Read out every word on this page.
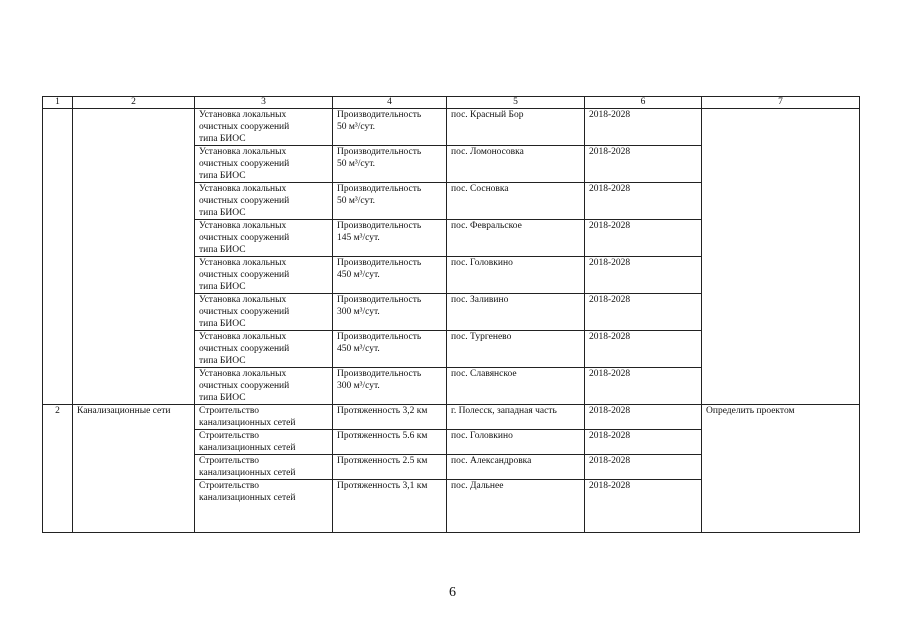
1	2	3	4	5	6	7
		Установка локальных
очистных сооружений
типа БИОС	Производительность
50 м³/сут.	пос. Красный Бор	2018-2028	
		Установка локальных
очистных сооружений
типа БИОС	Производительность
50 м³/сут.	пос. Ломоносовка	2018-2028	
		Установка локальных
очистных сооружений
типа БИОС	Производительность
50 м³/сут.	пос. Сосновка	2018-2028	
		Установка локальных
очистных сооружений
типа БИОС	Производительность
145 м³/сут.	пос. Февральское	2018-2028	
		Установка локальных
очистных сооружений
типа БИОС	Производительность
450 м³/сут.	пос. Головкино	2018-2028	
		Установка локальных
очистных сооружений
типа БИОС	Производительность
300 м³/сут.	пос. Заливино	2018-2028	
		Установка локальных
очистных сооружений
типа БИОС	Производительность
450 м³/сут.	пос. Тургенево	2018-2028	
		Установка локальных
очистных сооружений
типа БИОС	Производительность
300 м³/сут.	пос. Славянское	2018-2028	
2	Канализационные сети	Строительство
канализационных сетей	Протяженность 3,2 км	г. Полесск, западная часть	2018-2028	Определить проектом
		Строительство
канализационных сетей	Протяженность 5.6 км	пос. Головкино	2018-2028	
		Строительство
канализационных сетей	Протяженность 2.5 км	пос. Александровка	2018-2028	
		Строительство
канализационных сетей	Протяженность 3,1 км	пос. Дальнее	2018-2028	
6
